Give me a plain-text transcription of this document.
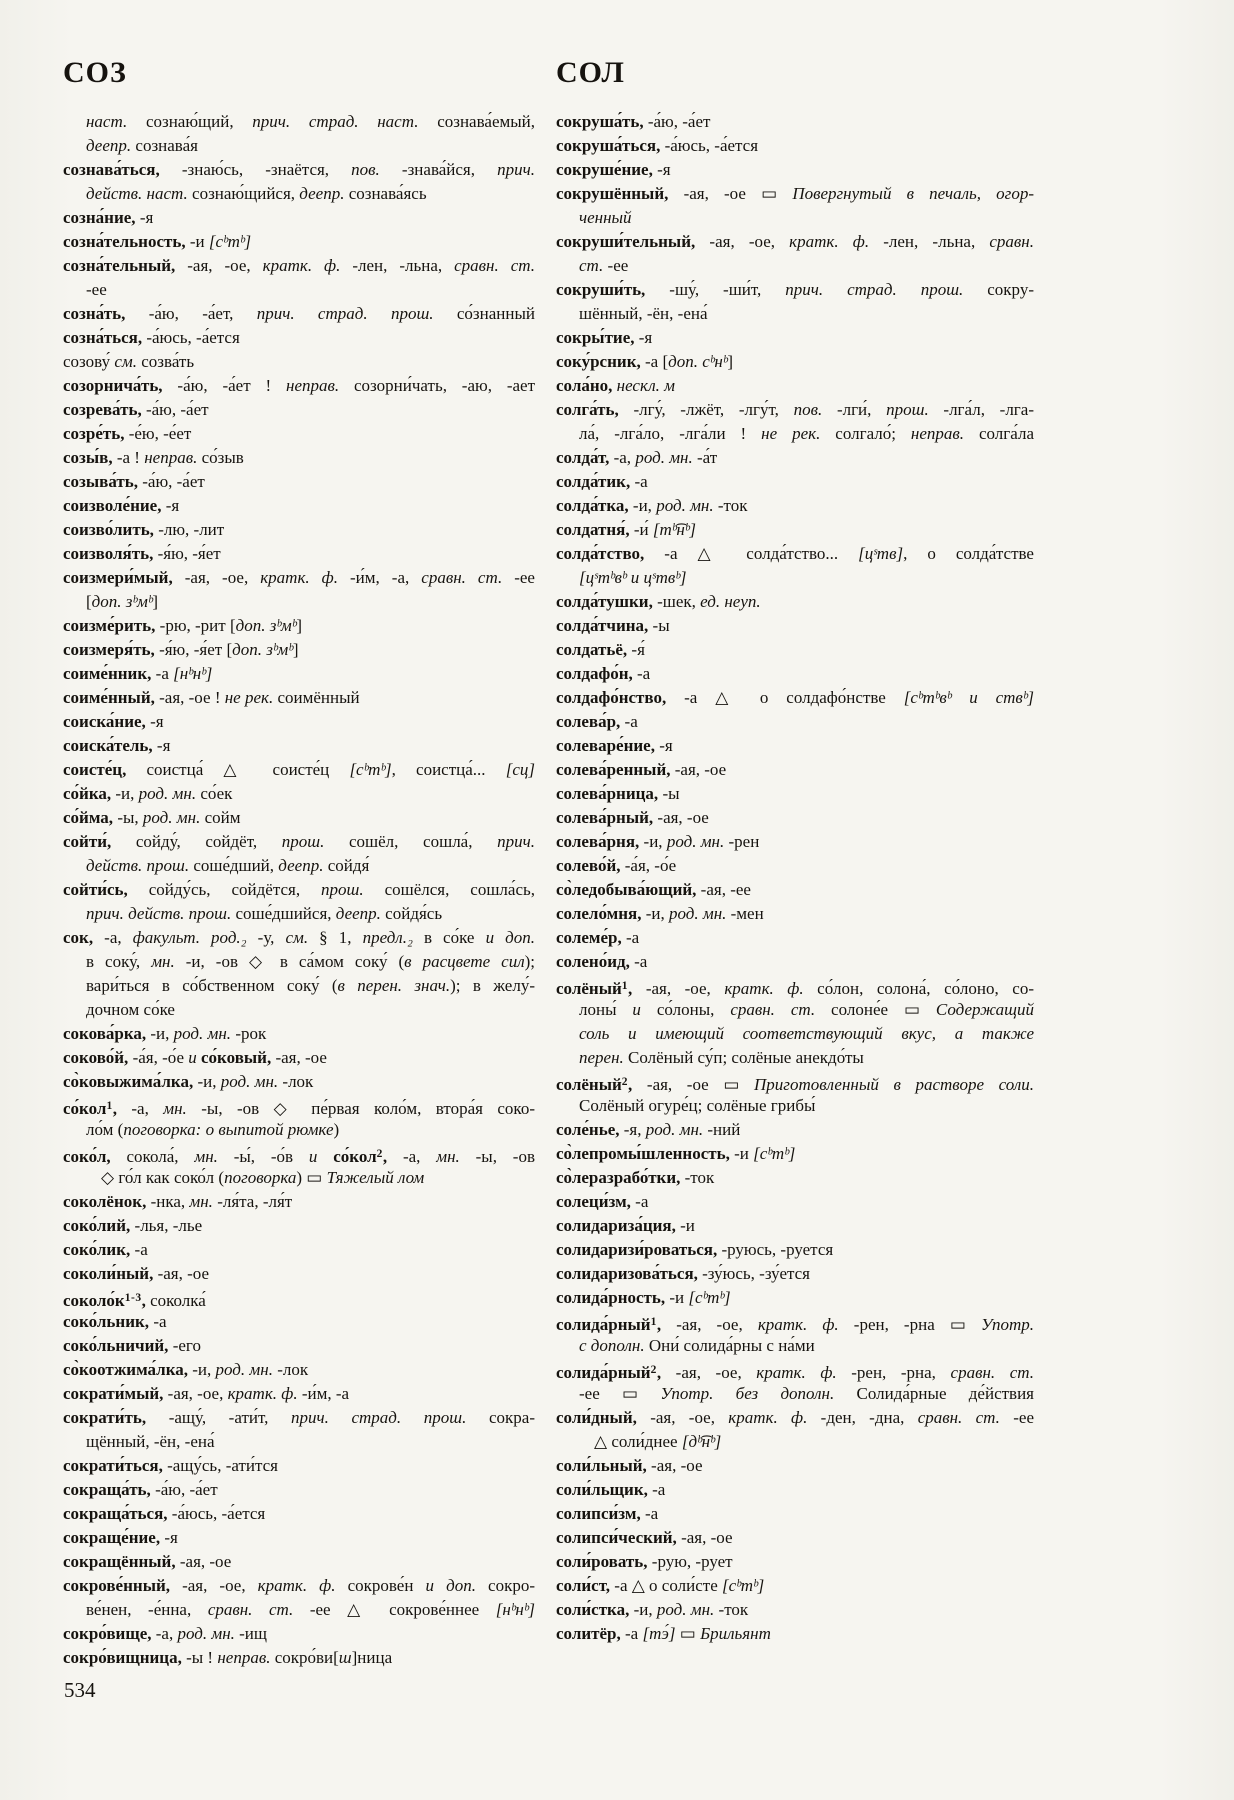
СОЗ	СОЛ
наст. сознаю́щий, прич. страд. наст. сознава́емый,
деепр. сознава́я
сознава́ться, -знаю́сь, -знаётся, пов. -знава́йся, прич.
действ. наст. сознаю́щийся, деепр. сознава́ясь
созна́ние, -я
созна́тельность, -и [сᵇтᵇ]
созна́тельный, -ая, -ое, кратк. ф. -лен, -льна, сравн. ст.
-ее
созна́ть, -а́ю, -а́ет, прич. страд. прош. со́знанный
созна́ться, -а́юсь, -а́ется
созову́ см. созва́ть
созорнича́ть, -а́ю, -а́ет ! неправ. созорни́чать, -аю, -ает
созрева́ть, -а́ю, -а́ет
созре́ть, -е́ю, -е́ет
созы́в, -а ! неправ. со́зыв
созыва́ть, -а́ю, -а́ет
соизволе́ние, -я
соизво́лить, -лю, -лит
соизволя́ть, -я́ю, -я́ет
соизмери́мый, -ая, -ое, кратк. ф. -и́м, -а, сравн. ст. -ее
[доп. зᵇмᵇ]
соизме́рить, -рю, -рит [доп. зᵇмᵇ]
соизмеря́ть, -я́ю, -я́ет [доп. зᵇмᵇ]
соиме́нник, -а [нᵇнᵇ]
соиме́нный, -ая, -ое ! не рек. соимённый
соиска́ние, -я
соиска́тель, -я
соисте́ц, соистца́ △ соисте́ц [сᵇтᵇ], соистца́... [сц]
со́йка, -и, род. мн. со́ек
со́йма, -ы, род. мн. сойм
сойти́, сойду́, сойдёт, прош. сошёл, сошла́, прич.
действ. прош. соше́дший, деепр. сойдя́
сойти́сь, сойду́сь, сойдётся, прош. сошёлся, сошла́сь,
прич. действ. прош. соше́дшийся, деепр. сойдя́сь
сок, -а, факульт. род.₂ -у, см. § 1, предл.₂ в со́ке и доп.
в соку́, мн. -и, -ов ◇ в са́мом соку́ (в расцвете сил);
вари́ться в со́бственном соку́ (в перен. знач.); в желу́-
дочном со́ке
сокова́рка, -и, род. мн. -рок
соково́й, -а́я, -о́е и со́ковый, -ая, -ое
со̀ковыжима́лка, -и, род. мн. -лок
со́кол$^1$, -а, мн. -ы, -ов ◇ пе́рвая коло́м, втора́я соко-
ло́м (поговорка: о выпитой рюмке)
соко́л, сокола́, мн. -ы́, -о́в и со́кол$^2$, -а, мн. -ы, -ов
◇ го́л как соко́л (поговорка) ▭ Тяжелый лом
соколёнок, -нка, мн. -ля́та, -ля́т
соко́лий, -лья, -лье
соко́лик, -а
соколи́ный, -ая, -ое
$соколо́к^{1-3}$, соколка́
соко́льник, -а
соко́льничий, -его
со̀коотжима́лка, -и, род. мн. -лок
сократи́мый, -ая, -ое, кратк. ф. -и́м, -а
сократи́ть, -ащу́, -ати́т, прич. страд. прош. сокра-
щённый, -ён, -ена́
сократи́ться, -ащу́сь, -ати́тся
сокраща́ть, -а́ю, -а́ет
сокраща́ться, -а́юсь, -а́ется
сокраще́ние, -я
сокращённый, -ая, -ое
сокрове́нный, -ая, -ое, кратк. ф. сокрове́н и доп. сокро-
ве́нен, -е́нна, сравн. ст. -ее △ сокрове́ннее [нᵇнᵇ]
сокро́вище, -а, род. мн. -ищ
сокро́вищница, -ы ! неправ. сокро́ви[ш]ница
сокруша́ть, -а́ю, -а́ет
сокруша́ться, -а́юсь, -а́ется
сокруше́ние, -я
сокрушённый, -ая, -ое ▭ Повергнутый в печаль, огор-
ченный
сокруши́тельный, -ая, -ое, кратк. ф. -лен, -льна, сравн.
ст. -ее
сокруши́ть, -шу́, -ши́т, прич. страд. прош. сокру-
шённый, -ён, -ена́
сокры́тие, -я
соку́рсник, -а [доп. сᵇнᵇ]
сола́но, нескл. м
солга́ть, -лгу́, -лжёт, -лгу́т, пов. -лги́, прош. -лга́л, -лга-
ла́, -лга́ло, -лга́ли ! не рек. солгало́; неправ. солга́ла
солда́т, -а, род. мн. -а́т
солда́тик, -а
солда́тка, -и, род. мн. -ток
солдатня́, -и́ [тᵇ͡нᵇ]
солда́тство, -а △ солда́тство... [цˢтв], о солда́тстве
[цˢтᵇвᵇ и цˢтвᵇ]
солда́тушки, -шек, ед. неуп.
солда́тчина, -ы
солдатьё, -я́
солдафо́н, -а
солдафо́нство, -а △ о солдафо́нстве [сᵇтᵇвᵇ и ствᵇ]
солева́р, -а
солеваре́ние, -я
солева́ренный, -ая, -ое
солева́рница, -ы
солева́рный, -ая, -ое
солева́рня, -и, род. мн. -рен
солево́й, -а́я, -о́е
со̀ледобыва́ющий, -ая, -ее
солело́мня, -и, род. мн. -мен
солеме́р, -а
солено́ид, -а
солёный$^1$, -ая, -ое, кратк. ф. со́лон, солона́, со́лоно, со-
лоны́ и со́лоны, сравн. ст. солоне́е ▭ Содержащий
соль и имеющий соответствующий вкус, а также
перен. Солёный су́п; солёные анекдо́ты
солёный$^2$, -ая, -ое ▭ Приготовленный в растворе соли.
Солёный огуре́ц; солёные грибы́
соле́нье, -я, род. мн. -ний
со̀лепромы́шленность, -и [сᵇтᵇ]
со̀леразрабо́тки, -ток
солеци́зм, -а
солидариза́ция, -и
солидаризи́роваться, -руюсь, -руется
солидаризова́ться, -зу́юсь, -зу́ется
солида́рность, -и [сᵇтᵇ]
солида́рный$^1$, -ая, -ое, кратк. ф. -рен, -рна ▭ Употр.
с дополн. Они́ солида́рны с на́ми
солида́рный$^2$, -ая, -ое, кратк. ф. -рен, -рна, сравн. ст.
-ее ▭ Употр. без дополн. Солида́рные де́йствия
соли́дный, -ая, -ое, кратк. ф. -ден, -дна, сравн. ст. -ее
△ соли́днее [дᵇ͡нᵇ]
соли́льный, -ая, -ое
соли́льщик, -а
солипси́зм, -а
солипси́ческий, -ая, -ое
соли́ровать, -рую, -рует
соли́ст, -а △ о соли́сте [сᵇтᵇ]
соли́стка, -и, род. мн. -ток
солитёр, -а [тэ́] ▭ Брильянт
534
